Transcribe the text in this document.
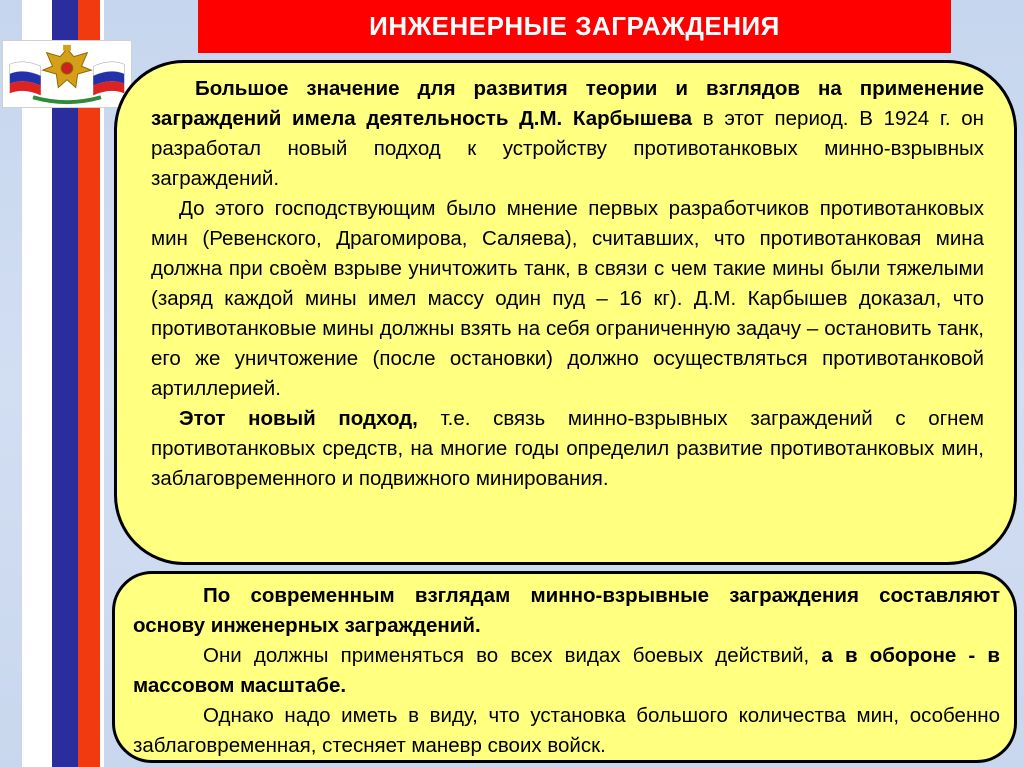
ИНЖЕНЕРНЫЕ ЗАГРАЖДЕНИЯ

Большое значение для развития теории и взглядов на применение заграждений имела деятельность Д.М. Карбышева в этот период. В 1924 г. он разработал новый подход к устройству противотанковых минно-взрывных заграждений.

До этого господствующим было мнение первых разработчиков противотанковых мин (Ревенского, Драгомирова, Саляева), считавших, что противотанковая мина должна при своѐм взрыве уничтожить танк, в связи с чем такие мины были тяжелыми (заряд каждой мины имел массу один пуд – 16 кг). Д.М. Карбышев доказал, что противотанковые мины должны взять на себя ограниченную задачу – остановить танк, его же уничтожение (после остановки) должно осуществляться противотанковой артиллерией.

Этот новый подход, т.е. связь минно-взрывных заграждений с огнем противотанковых средств, на многие годы определил развитие противотанковых мин, заблаговременного и подвижного минирования.

По современным взглядам минно-взрывные заграждения составляют основу инженерных заграждений.

Они должны применяться во всех видах боевых действий, а в обороне - в массовом масштабе.

Однако надо иметь в виду, что установка большого количества мин, особенно заблаговременная, стесняет маневр своих войск.
